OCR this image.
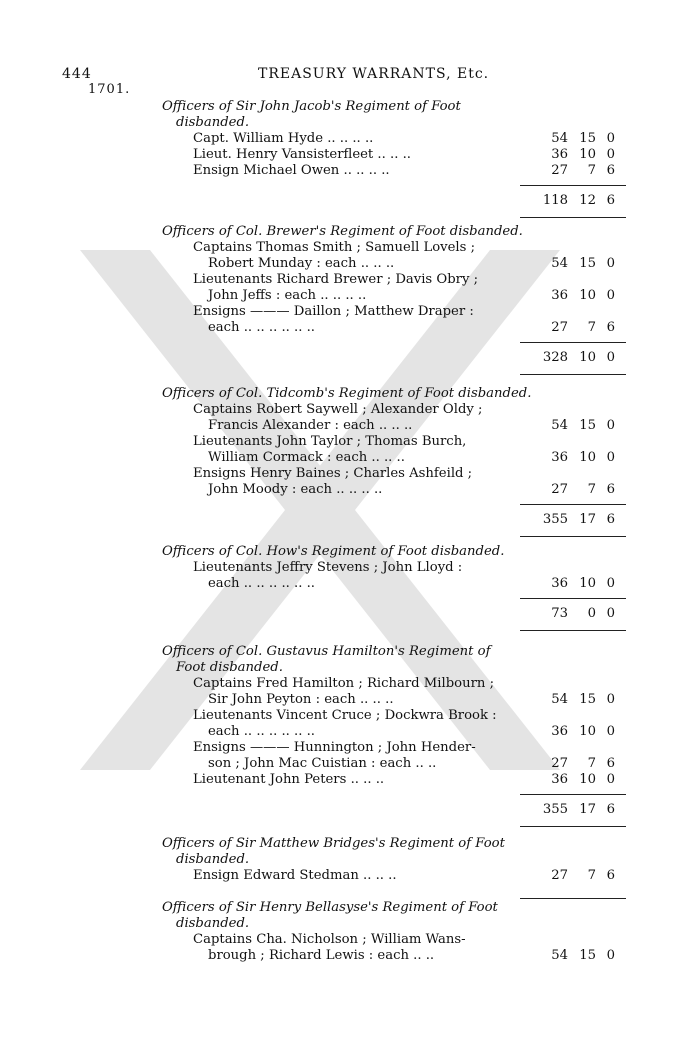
444
1701.
TREASURY WARRANTS, Etc.
Officers of Sir John Jacob's Regiment of Foot
disbanded.
Capt. William Hyde .. .. .. ..	54 15 0
Lieut. Henry Vansisterfleet .. .. ..	36 10 0
Ensign Michael Owen .. .. .. ..	27 7 6
118 12 6
Officers of Col. Brewer's Regiment of Foot disbanded.
Captains Thomas Smith ; Samuell Lovels ;
Robert Munday : each .. .. ..	54 15 0
Lieutenants Richard Brewer ; Davis Obry ;
John Jeffs : each .. .. .. ..	36 10 0
Ensigns ——— Daillon ; Matthew Draper :
each .. .. .. .. .. ..	27 7 6
328 10 0
Officers of Col. Tidcomb's Regiment of Foot disbanded.
Captains Robert Saywell ; Alexander Oldy ;
Francis Alexander : each .. .. ..	54 15 0
Lieutenants John Taylor ; Thomas Burch,
William Cormack : each .. .. ..	36 10 0
Ensigns Henry Baines ; Charles Ashfeild ;
John Moody : each .. .. .. ..	27 7 6
355 17 6
Officers of Col. How's Regiment of Foot disbanded.
Lieutenants Jeffry Stevens ; John Lloyd :
each .. .. .. .. .. ..	36 10 0
73 0 0
Officers of Col. Gustavus Hamilton's Regiment of
Foot disbanded.
Captains Fred Hamilton ; Richard Milbourn ;
Sir John Peyton : each .. .. ..	54 15 0
Lieutenants Vincent Cruce ; Dockwra Brook :
each .. .. .. .. .. ..	36 10 0
Ensigns ——— Hunnington ; John Hender-
son ; John Mac Cuistian : each .. ..	27 7 6
Lieutenant John Peters .. .. ..	36 10 0
355 17 6
Officers of Sir Matthew Bridges's Regiment of Foot
disbanded.
Ensign Edward Stedman .. .. ..	27 7 6
Officers of Sir Henry Bellasyse's Regiment of Foot
disbanded.
Captains Cha. Nicholson ; William Wans-
brough ; Richard Lewis : each .. ..	54 15 0
